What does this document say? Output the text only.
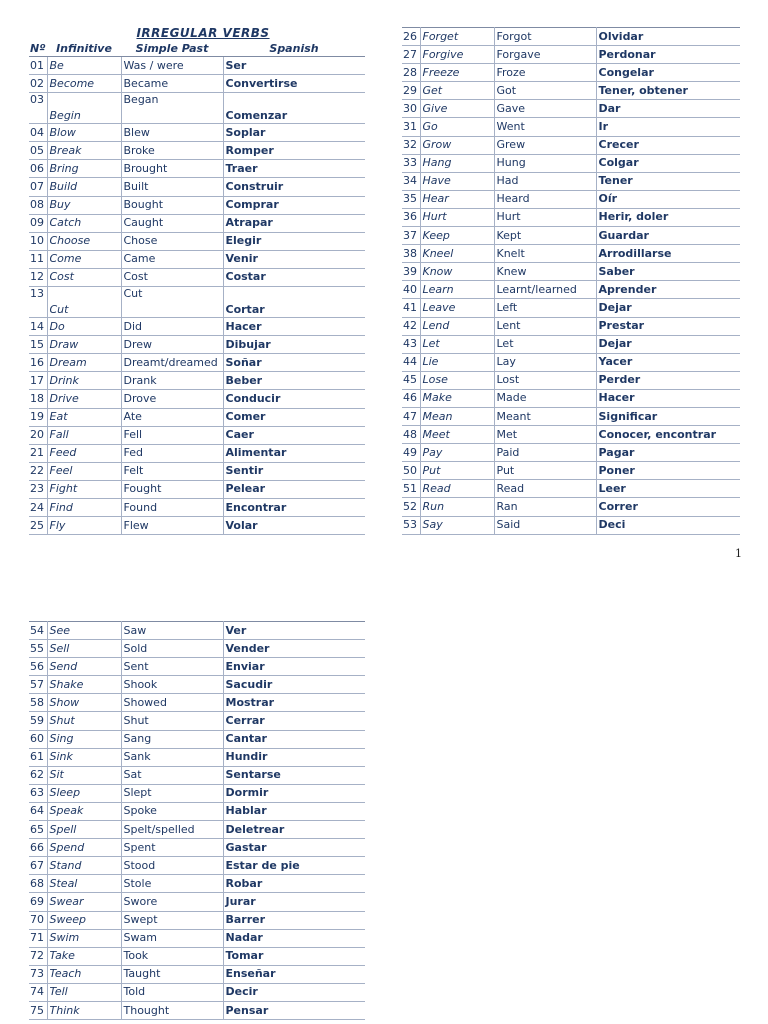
IRREGULAR VERBS
Nº	Infinitive	Simple Past	Spanish
01	Be	Was / were	Ser
02	Become	Became	Convertirse
03	Begin	Began	Comenzar
04	Blow	Blew	Soplar
05	Break	Broke	Romper
06	Bring	Brought	Traer
07	Build	Built	Construir
08	Buy	Bought	Comprar
09	Catch	Caught	Atrapar
10	Choose	Chose	Elegir
11	Come	Came	Venir
12	Cost	Cost	Costar
13	Cut	Cut	Cortar
14	Do	Did	Hacer
15	Draw	Drew	Dibujar
16	Dream	Dreamt/dreamed	Soñar
17	Drink	Drank	Beber
18	Drive	Drove	Conducir
19	Eat	Ate	Comer
20	Fall	Fell	Caer
21	Feed	Fed	Alimentar
22	Feel	Felt	Sentir
23	Fight	Fought	Pelear
24	Find	Found	Encontrar
25	Fly	Flew	Volar
26	Forget	Forgot	Olvidar
27	Forgive	Forgave	Perdonar
28	Freeze	Froze	Congelar
29	Get	Got	Tener, obtener
30	Give	Gave	Dar
31	Go	Went	Ir
32	Grow	Grew	Crecer
33	Hang	Hung	Colgar
34	Have	Had	Tener
35	Hear	Heard	Oír
36	Hurt	Hurt	Herir, doler
37	Keep	Kept	Guardar
38	Kneel	Knelt	Arrodillarse
39	Know	Knew	Saber
40	Learn	Learnt/learned	Aprender
41	Leave	Left	Dejar
42	Lend	Lent	Prestar
43	Let	Let	Dejar
44	Lie	Lay	Yacer
45	Lose	Lost	Perder
46	Make	Made	Hacer
47	Mean	Meant	Significar
48	Meet	Met	Conocer, encontrar
49	Pay	Paid	Pagar
50	Put	Put	Poner
51	Read	Read	Leer
52	Run	Ran	Correr
53	Say	Said	Deci
54	See	Saw	Ver
55	Sell	Sold	Vender
56	Send	Sent	Enviar
57	Shake	Shook	Sacudir
58	Show	Showed	Mostrar
59	Shut	Shut	Cerrar
60	Sing	Sang	Cantar
61	Sink	Sank	Hundir
62	Sit	Sat	Sentarse
63	Sleep	Slept	Dormir
64	Speak	Spoke	Hablar
65	Spell	Spelt/spelled	Deletrear
66	Spend	Spent	Gastar
67	Stand	Stood	Estar de pie
68	Steal	Stole	Robar
69	Swear	Swore	Jurar
70	Sweep	Swept	Barrer
71	Swim	Swam	Nadar
72	Take	Took	Tomar
73	Teach	Taught	Enseñar
74	Tell	Told	Decir
75	Think	Thought	Pensar
1
